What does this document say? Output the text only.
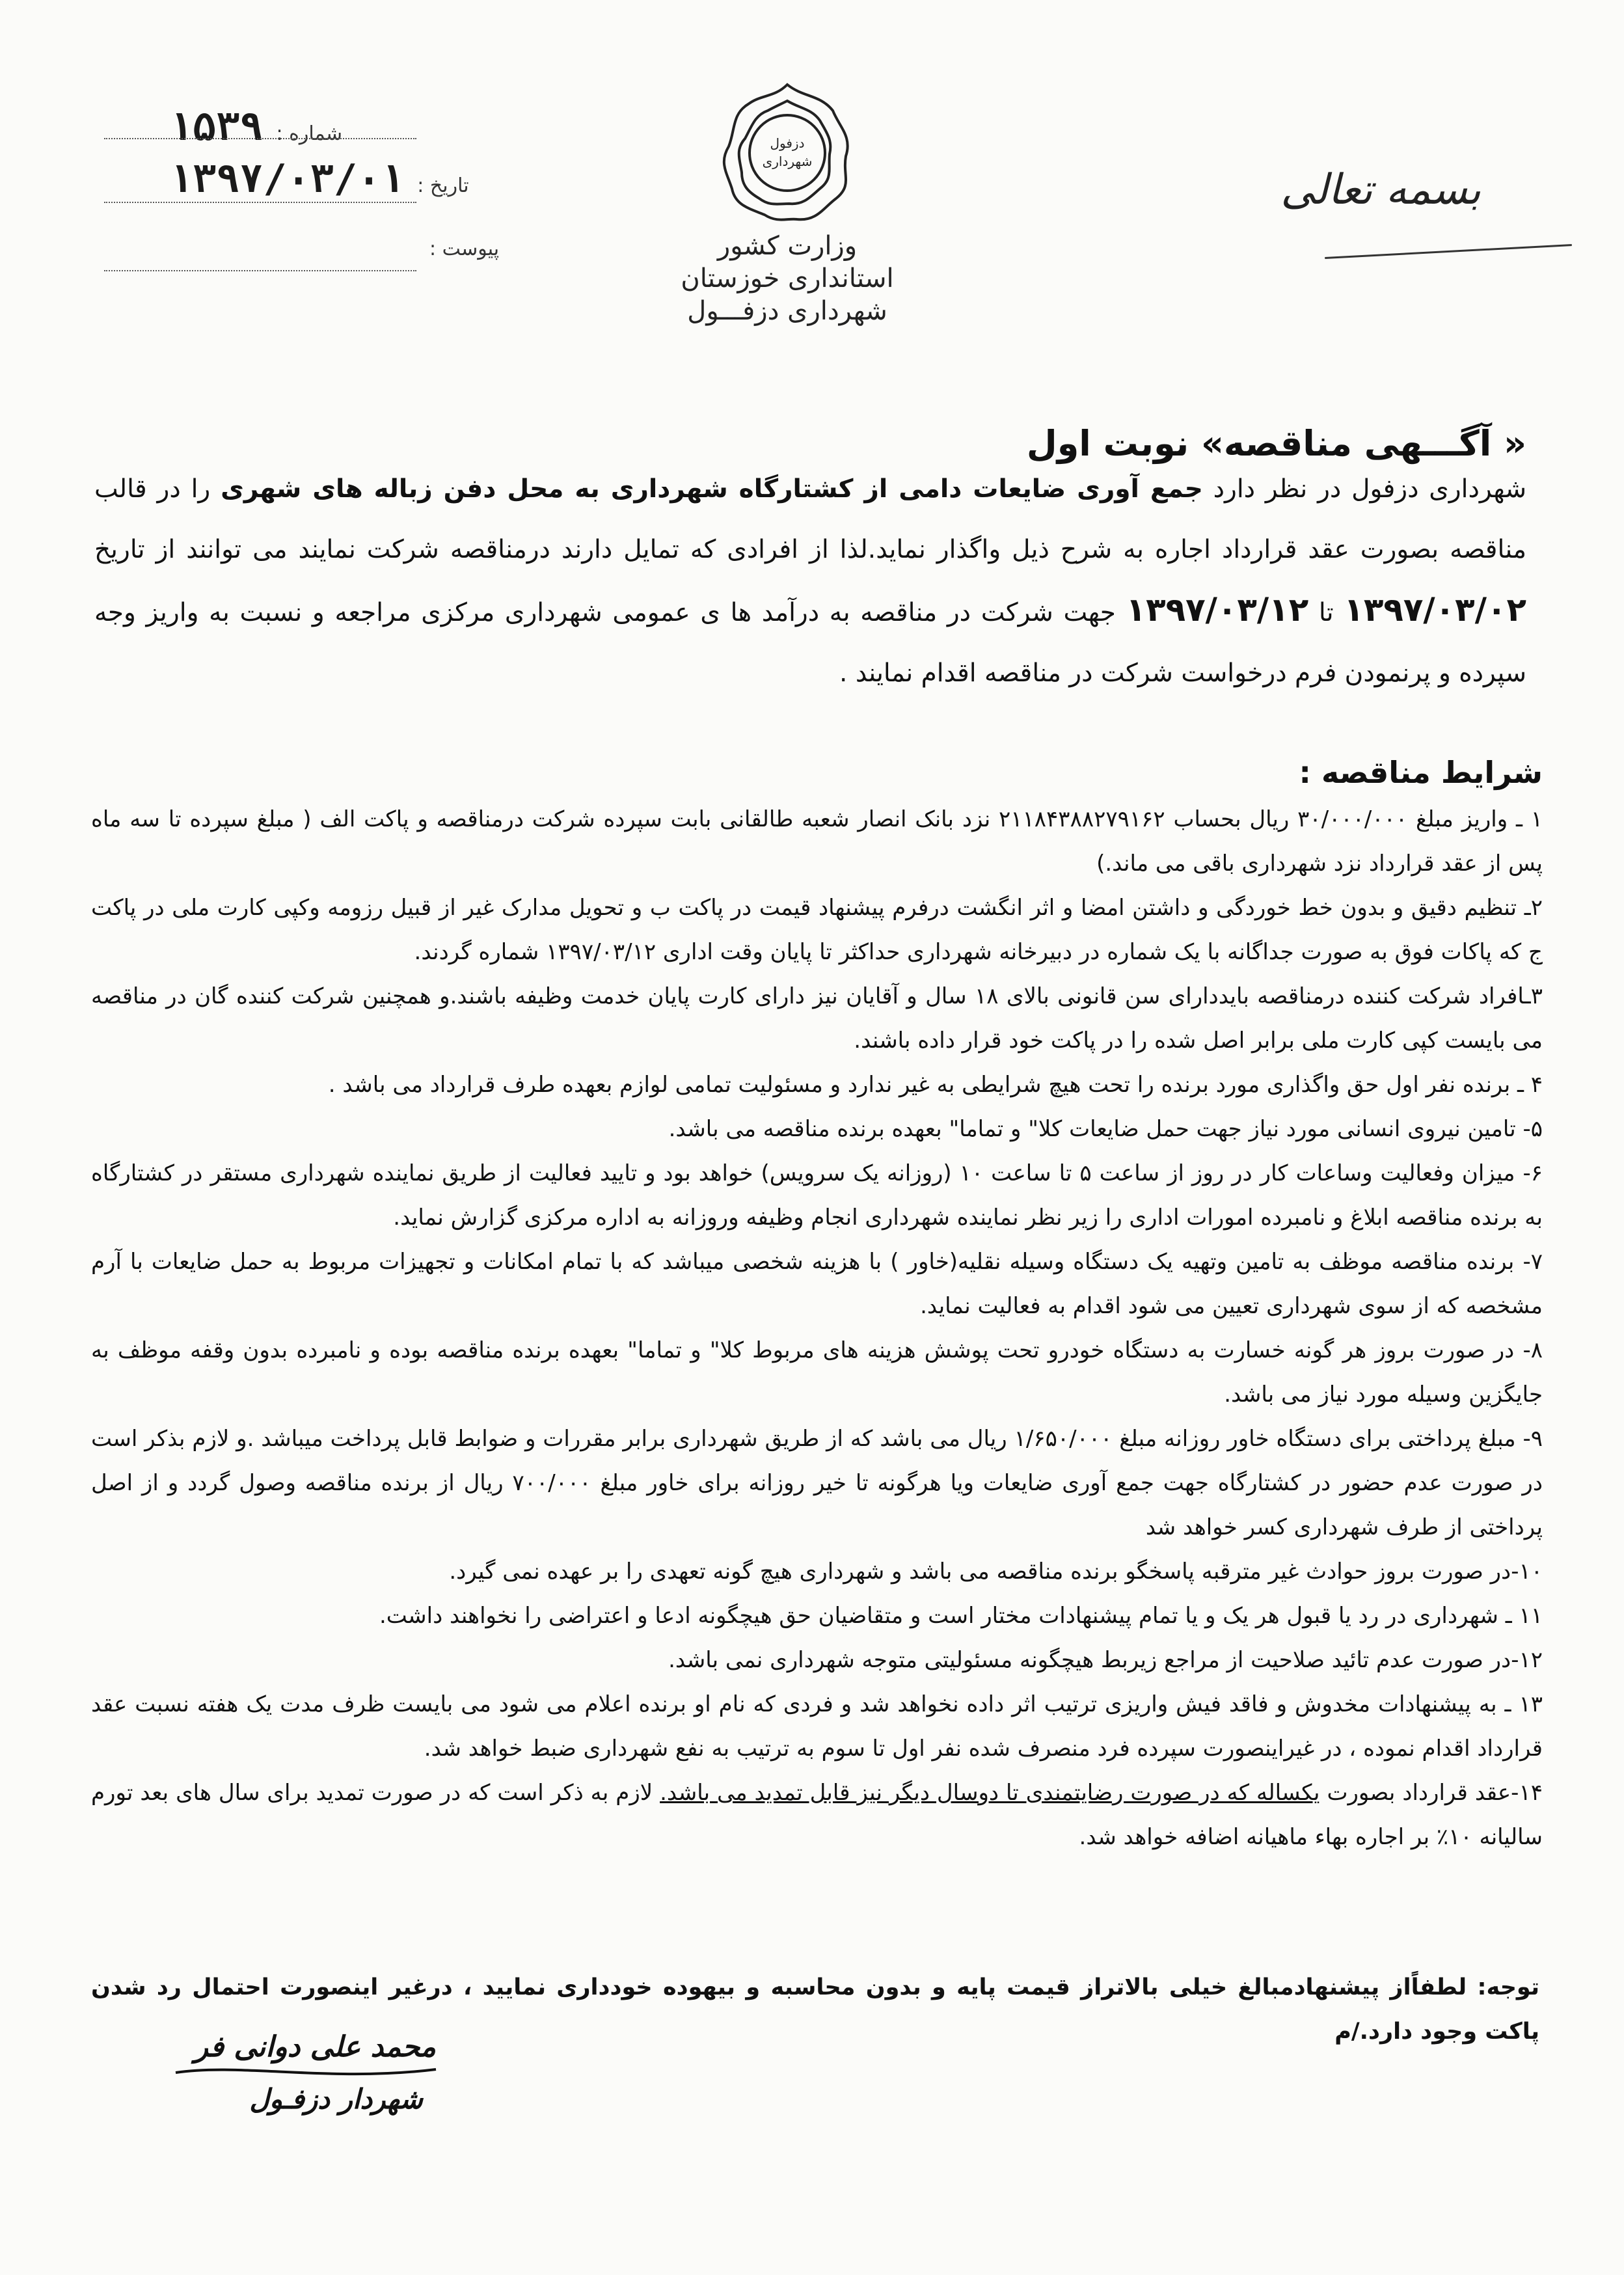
شماره :
۱۵۳۹
تاریخ :
۱۳۹۷/۰۳/۰۱
پیوست :
دزفول
شهرداری
وزارت کشور
استانداری خوزستان
شهرداری دزفـــول
بسمه تعالی
« آگـــهی مناقصه» نوبت اول
شهرداری دزفول در نظر دارد جمع آوری ضایعات دامی از کشتارگاه شهرداری به محل دفن زباله های شهری را در قالب مناقصه بصورت عقد قرارداد اجاره به شرح ذیل واگذار نماید.لذا از افرادی که تمایل دارند درمناقصه شرکت نمایند می توانند از تاریخ ۱۳۹۷/۰۳/۰۲ تا ۱۳۹۷/۰۳/۱۲ جهت شرکت در مناقصه به درآمد ها ی عمومی شهرداری مرکزی مراجعه و نسبت به واریز وجه سپرده و پرنمودن فرم درخواست شرکت در مناقصه اقدام نمایند .
شرایط مناقصه :
۱ ـ واریز مبلغ ۳۰/۰۰۰/۰۰۰ ریال بحساب ۲۱۱۸۴۳۸۸۲۷۹۱۶۲ نزد بانک انصار شعبه طالقانی بابت سپرده شرکت درمناقصه و پاکت الف ( مبلغ سپرده تا سه ماه پس از عقد قرارداد نزد شهرداری باقی می ماند.)
۲ـ تنظیم دقیق و بدون خط خوردگی و داشتن امضا و اثر انگشت درفرم پیشنهاد قیمت در پاکت ب و تحویل مدارک غیر از قبیل رزومه وکپی کارت ملی در پاکت ج که پاکات فوق به صورت جداگانه با یک شماره در دبیرخانه شهرداری حداکثر تا پایان وقت اداری ۱۳۹۷/۰۳/۱۲ شماره گردند.
۳ـافراد شرکت کننده درمناقصه بایددارای سن قانونی بالای ۱۸ سال و آقایان نیز دارای کارت پایان خدمت وظیفه باشند.و همچنین شرکت کننده گان در مناقصه می بایست کپی کارت ملی برابر اصل شده را در پاکت خود قرار داده باشند.
۴ ـ برنده نفر اول حق واگذاری مورد برنده را تحت هیچ شرایطی به غیر ندارد و مسئولیت تمامی لوازم بعهده طرف قرارداد می باشد .
۵- تامین نیروی انسانی مورد نیاز جهت حمل ضایعات کلا" و تماما" بعهده برنده مناقصه می باشد.
۶- میزان وفعالیت وساعات کار در روز از ساعت ۵ تا ساعت ۱۰ (روزانه یک سرویس) خواهد بود و تایید فعالیت از طریق نماینده شهرداری مستقر در کشتارگاه به برنده مناقصه ابلاغ و نامبرده امورات اداری را زیر نظر نماینده شهرداری انجام وظیفه وروزانه به اداره مرکزی گزارش نماید.
۷- برنده مناقصه موظف به تامین وتهیه یک دستگاه وسیله نقلیه(خاور ) با هزینه شخصی میباشد که با تمام امکانات و تجهیزات مربوط به حمل ضایعات با آرم مشخصه که از سوی شهرداری تعیین می شود اقدام به فعالیت نماید.
۸- در صورت بروز هر گونه خسارت به دستگاه خودرو تحت پوشش هزینه های مربوط کلا" و تماما" بعهده برنده مناقصه بوده و نامبرده بدون وقفه موظف به جایگزین وسیله مورد نیاز می باشد.
۹- مبلغ پرداختی برای دستگاه خاور روزانه مبلغ ۱/۶۵۰/۰۰۰ ریال می باشد که از طریق شهرداری برابر مقررات و ضوابط قابل پرداخت میباشد .و لازم بذکر است در صورت عدم حضور در کشتارگاه جهت جمع آوری ضایعات ویا هرگونه تا خیر روزانه برای خاور مبلغ ۷۰۰/۰۰۰ ریال از برنده مناقصه وصول گردد و از اصل پرداختی از طرف شهرداری کسر خواهد شد
۱۰-در صورت بروز حوادث غیر مترقبه پاسخگو برنده مناقصه می باشد و شهرداری هیچ گونه تعهدی را بر عهده نمی گیرد.
۱۱ ـ شهرداری در رد یا قبول هر یک و یا تمام پیشنهادات مختار است و متقاضیان حق هیچگونه ادعا و اعتراضی را نخواهند داشت.
۱۲-در صورت عدم تائید صلاحیت از مراجع زیربط هیچگونه مسئولیتی متوجه شهرداری نمی باشد.
۱۳ ـ به پیشنهادات مخدوش و فاقد فیش واریزی ترتیب اثر داده نخواهد شد و فردی که نام او برنده اعلام می شود می بایست ظرف مدت یک هفته نسبت عقد قرارداد اقدام نموده ، در غیراینصورت سپرده فرد منصرف شده نفر اول تا سوم به ترتیب به نفع شهرداری ضبط خواهد شد.
۱۴-عقد قرارداد بصورت یکساله که در صورت رضایتمندی تا دوسال دیگر نیز قابل تمدید می باشد. لازم به ذکر است که در صورت تمدید برای سال های بعد تورم سالیانه ۱۰٪ بر اجاره بهاء ماهیانه اضافه خواهد شد.
توجه: لطفاًاز پیشنهادمبالغ خیلی بالاتراز قیمت پایه و بدون محاسبه و بیهوده خودداری نمایید ، درغیر اینصورت احتمال رد شدن پاکت وجود دارد./م
محمد علی دوانی فر
شهردار دزفـول
